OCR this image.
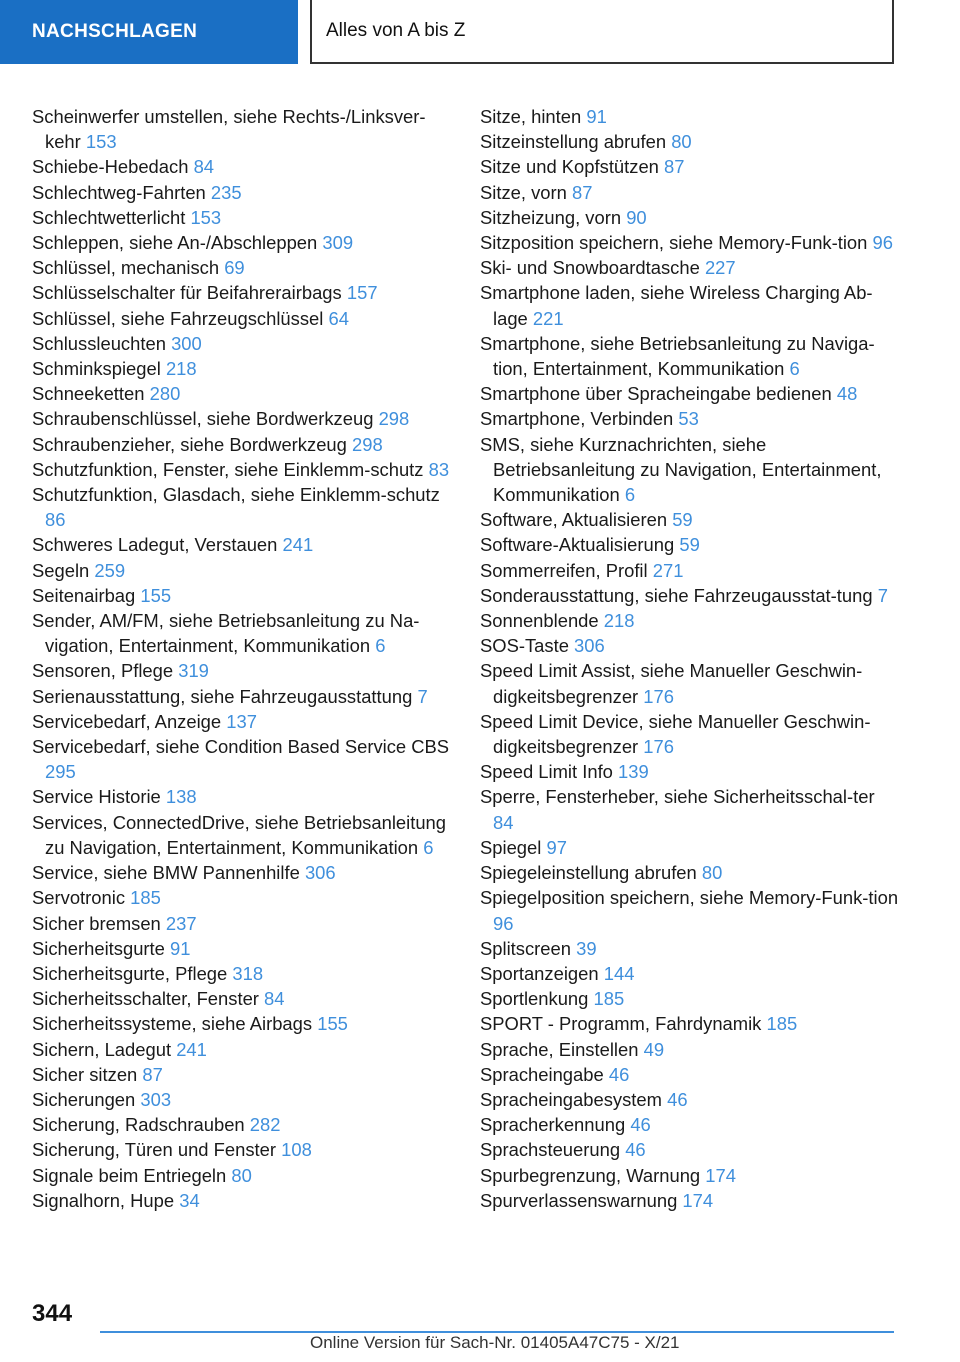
NACHSCHLAGEN	Alles von A bis Z
Scheinwerfer umstellen, siehe Rechts-/Linksver-kehr 153
Schiebe-Hebedach 84
Schlechtweg-Fahrten 235
Schlechtwetterlicht 153
Schleppen, siehe An-/Abschleppen 309
Schlüssel, mechanisch 69
Schlüsselschalter für Beifahrerairbags 157
Schlüssel, siehe Fahrzeugschlüssel 64
Schlussleuchten 300
Schminkspiegel 218
Schneeketten 280
Schraubenschlüssel, siehe Bordwerkzeug 298
Schraubenzieher, siehe Bordwerkzeug 298
Schutzfunktion, Fenster, siehe Einklemm-schutz 83
Schutzfunktion, Glasdach, siehe Einklemm-schutz 86
Schweres Ladegut, Verstauen 241
Segeln 259
Seitenairbag 155
Sender, AM/FM, siehe Betriebsanleitung zu Na-vigation, Entertainment, Kommunikation 6
Sensoren, Pflege 319
Serienausstattung, siehe Fahrzeugausstattung 7
Servicebedarf, Anzeige 137
Servicebedarf, siehe Condition Based Service CBS 295
Service Historie 138
Services, ConnectedDrive, siehe Betriebsanleitung zu Navigation, Entertainment, Kommunikation 6
Service, siehe BMW Pannenhilfe 306
Servotronic 185
Sicher bremsen 237
Sicherheitsgurte 91
Sicherheitsgurte, Pflege 318
Sicherheitsschalter, Fenster 84
Sicherheitssysteme, siehe Airbags 155
Sichern, Ladegut 241
Sicher sitzen 87
Sicherungen 303
Sicherung, Radschrauben 282
Sicherung, Türen und Fenster 108
Signale beim Entriegeln 80
Signalhorn, Hupe 34
Sitze, hinten 91
Sitzeinstellung abrufen 80
Sitze und Kopfstützen 87
Sitze, vorn 87
Sitzheizung, vorn 90
Sitzposition speichern, siehe Memory-Funk-tion 96
Ski- und Snowboardtasche 227
Smartphone laden, siehe Wireless Charging Ab-lage 221
Smartphone, siehe Betriebsanleitung zu Naviga-tion, Entertainment, Kommunikation 6
Smartphone über Spracheingabe bedienen 48
Smartphone, Verbinden 53
SMS, siehe Kurznachrichten, siehe Betriebsanleitung zu Navigation, Entertainment, Kommunikation 6
Software, Aktualisieren 59
Software-Aktualisierung 59
Sommerreifen, Profil 271
Sonderausstattung, siehe Fahrzeugausstat-tung 7
Sonnenblende 218
SOS-Taste 306
Speed Limit Assist, siehe Manueller Geschwin-digkeitsbegrenzer 176
Speed Limit Device, siehe Manueller Geschwin-digkeitsbegrenzer 176
Speed Limit Info 139
Sperre, Fensterheber, siehe Sicherheitsschal-ter 84
Spiegel 97
Spiegeleinstellung abrufen 80
Spiegelposition speichern, siehe Memory-Funk-tion 96
Splitscreen 39
Sportanzeigen 144
Sportlenkung 185
SPORT - Programm, Fahrdynamik 185
Sprache, Einstellen 49
Spracheingabe 46
Spracheingabesystem 46
Spracherkennung 46
Sprachsteuerung 46
Spurbegrenzung, Warnung 174
Spurverlassenswarnung 174
344
Online Version für Sach-Nr. 01405A47C75 - X/21
